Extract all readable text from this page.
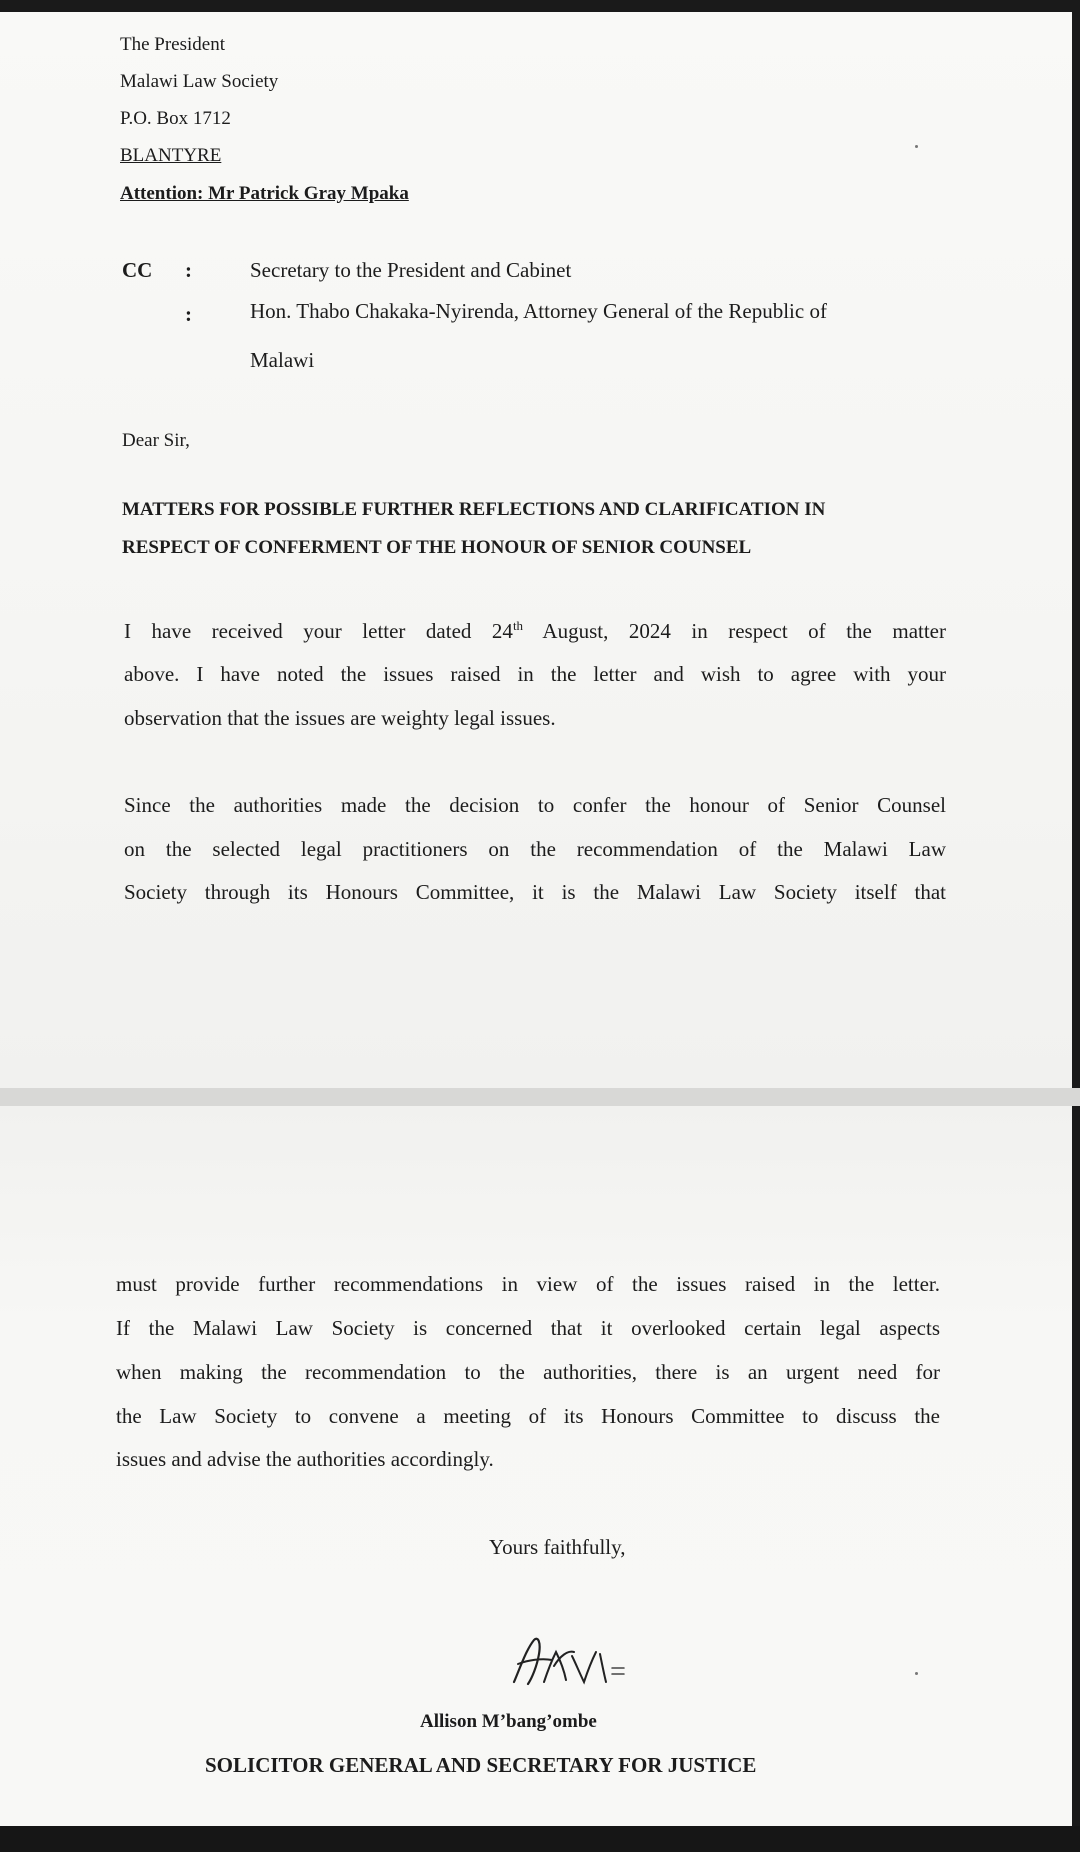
The President
Malawi Law Society
P.O. Box 1712
BLANTYRE
Attention: Mr Patrick Gray Mpaka
CC :	Secretary to the President and Cabinet
:	Hon. Thabo Chakaka-Nyirenda, Attorney General of the Republic of
Malawi
Dear Sir,
MATTERS FOR POSSIBLE FURTHER REFLECTIONS AND CLARIFICATION IN
RESPECT OF CONFERMENT OF THE HONOUR OF SENIOR COUNSEL
I have received your letter dated 24th August, 2024 in respect of the matter
above. I have noted the issues raised in the letter and wish to agree with your
observation that the issues are weighty legal issues.
Since the authorities made the decision to confer the honour of Senior Counsel
on the selected legal practitioners on the recommendation of the Malawi Law
Society through its Honours Committee, it is the Malawi Law Society itself that
must provide further recommendations in view of the issues raised in the letter.
If the Malawi Law Society is concerned that it overlooked certain legal aspects
when making the recommendation to the authorities, there is an urgent need for
the Law Society to convene a meeting of its Honours Committee to discuss the
issues and advise the authorities accordingly.
Yours faithfully,
Allison M’bang’ombe
SOLICITOR GENERAL AND SECRETARY FOR JUSTICE
